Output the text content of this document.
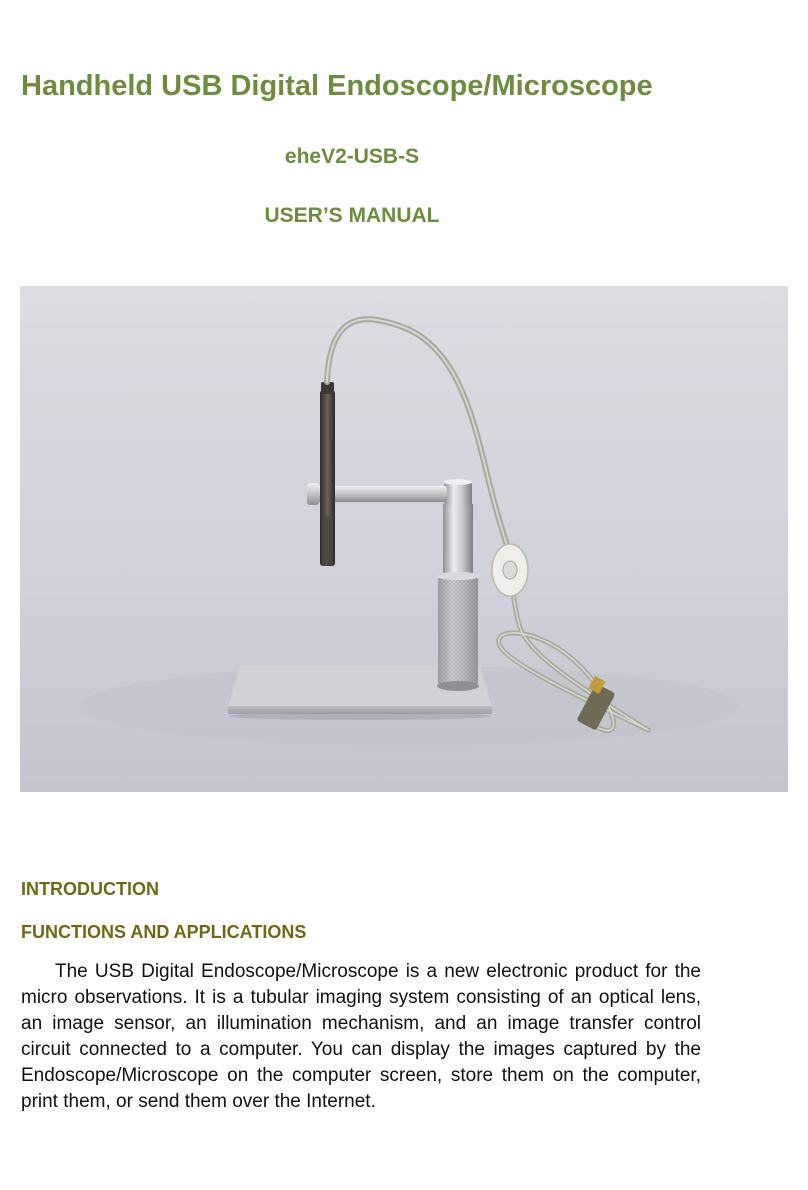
Handheld USB Digital Endoscope/Microscope

eheV2-USB-S

USER’S MANUAL

INTRODUCTION
FUNCTIONS AND APPLICATIONS

The USB Digital Endoscope/Microscope is a new electronic product for the micro observations. It is a tubular imaging system consisting of an optical lens, an image sensor, an illumination mechanism, and an image transfer control circuit connected to a computer. You can display the images captured by the Endoscope/Microscope on the computer screen, store them on the computer, print them, or send them over the Internet.
